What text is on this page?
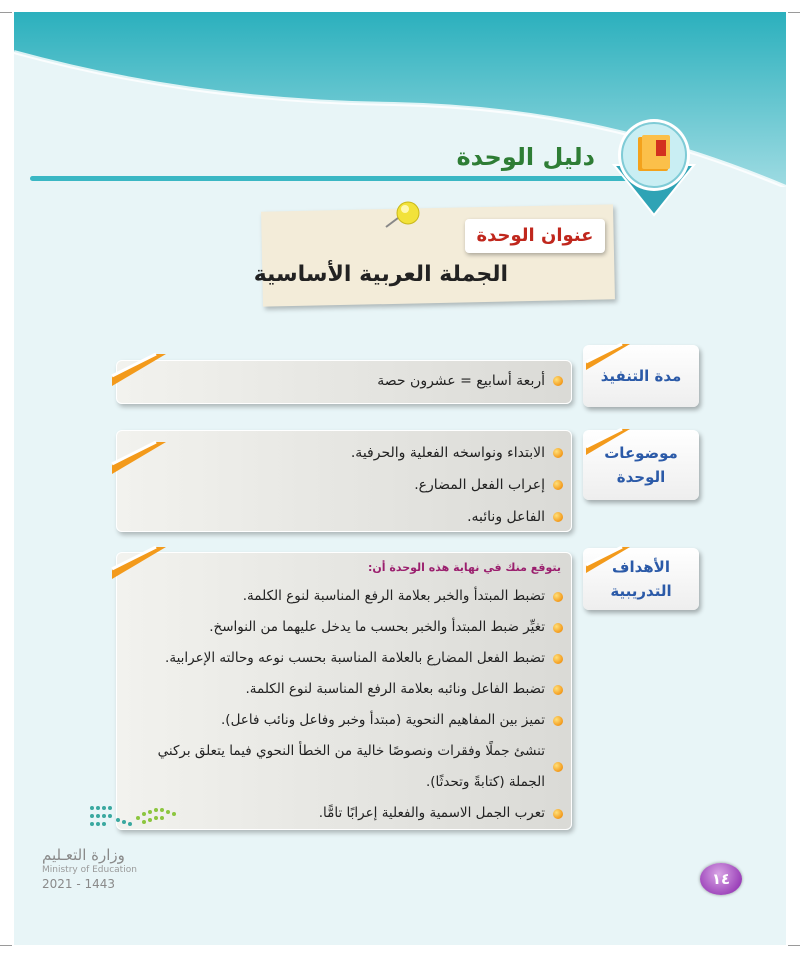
دليل الوحدة
عنوان الوحدة
الجملة العربية الأساسية
مدة التنفيذ
أربعة أسابيع = عشرون حصة
موضوعات
الوحدة
الابتداء ونواسخه الفعلية والحرفية.
إعراب الفعل المضارع.
الفاعل ونائبه.
الأهداف
التدريبية
يتوقع منك في نهاية هذه الوحدة أن:
تضبط المبتدأ والخبر بعلامة الرفع المناسبة لنوع الكلمة.
تغيِّر ضبط المبتدأ والخبر بحسب ما يدخل عليهما من النواسخ.
تضبط الفعل المضارع بالعلامة المناسبة بحسب نوعه وحالته الإعرابية.
تضبط الفاعل ونائبه بعلامة الرفع المناسبة لنوع الكلمة.
تميز بين المفاهيم النحوية (مبتدأ وخبر وفاعل ونائب فاعل).
تنشئ جملًا وفقرات ونصوصًا خالية من الخطأ النحوي فيما يتعلق بركني الجملة (كتابةً وتحدثًا).
تعرب الجمل الاسمية والفعلية إعرابًا تامًّا.
وزارة التعـليم
Ministry of Education
2021 - 1443	١٤
